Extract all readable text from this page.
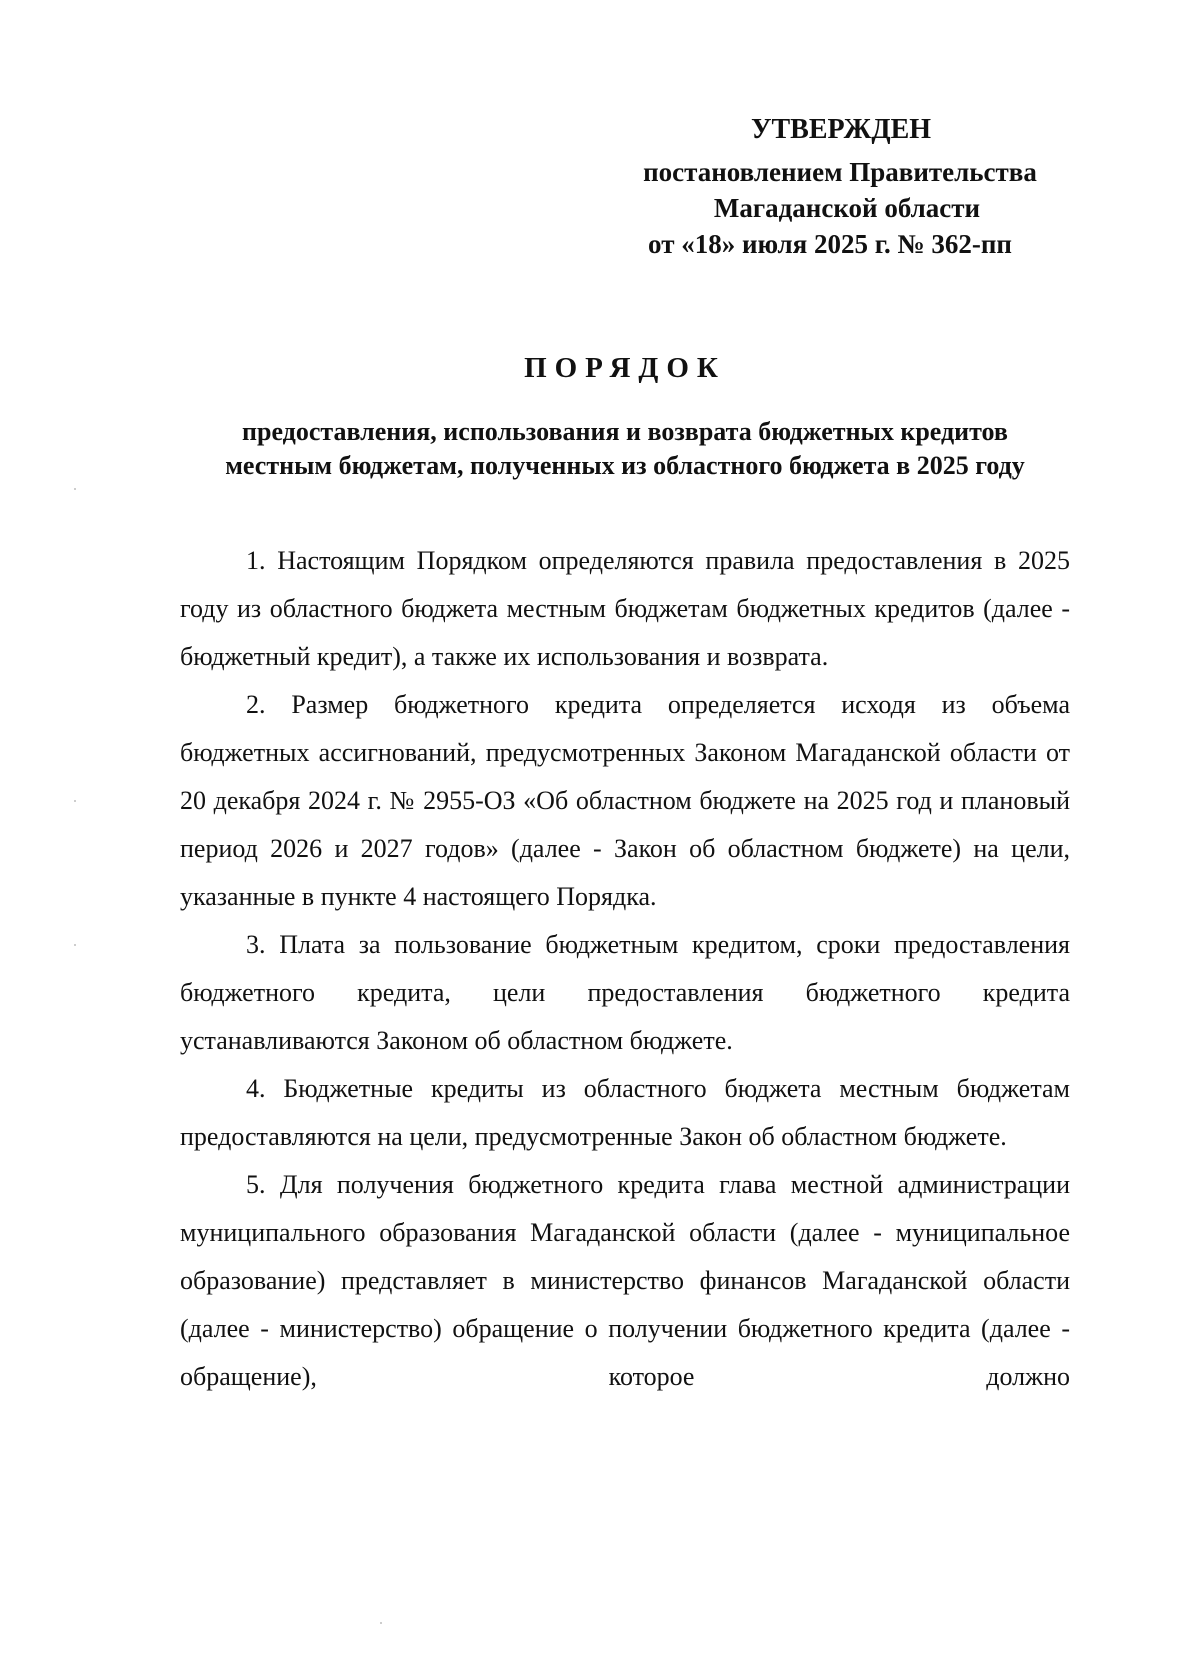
УТВЕРЖДЕН
постановлением Правительства
Магаданской области
от «18» июля 2025 г. № 362-пп
ПОРЯДОК
предоставления, использования и возврата бюджетных кредитов
местным бюджетам, полученных из областного бюджета в 2025 году

1. Настоящим Порядком определяются правила предоставления в 2025 году из областного бюджета местным бюджетам бюджетных кредитов (далее - бюджетный кредит), а также их использования и возврата.

2. Размер бюджетного кредита определяется исходя из объема бюджетных ассигнований, предусмотренных Законом Магаданской области от 20 декабря 2024 г. № 2955-ОЗ «Об областном бюджете на 2025 год и плановый период 2026 и 2027 годов» (далее - Закон об областном бюджете) на цели, указанные в пункте 4 настоящего Порядка.

3. Плата за пользование бюджетным кредитом, сроки предоставления бюджетного кредита, цели предоставления бюджетного кредита устанавливаются Законом об областном бюджете.

4. Бюджетные кредиты из областного бюджета местным бюджетам предоставляются на цели, предусмотренные Закон об областном бюджете.

5. Для получения бюджетного кредита глава местной администрации муниципального образования Магаданской области (далее - муниципальное образование) представляет в министерство финансов Магаданской области (далее - министерство) обращение о получении бюджетного кредита (далее - обращение), которое должно
